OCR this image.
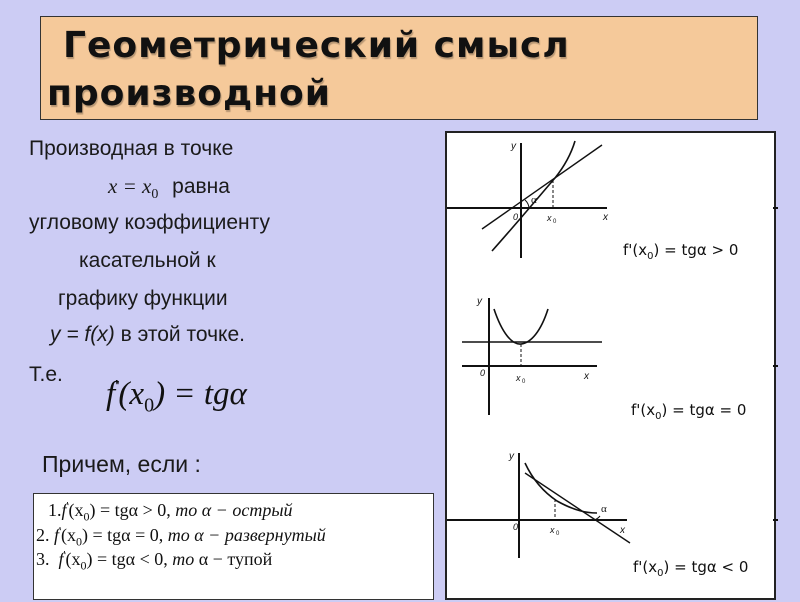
Геометрический смысл
производной
Производная в точке
$x = x_0$ равна
угловому коэффициенту
касательной к
графику функции
y = f(x) в этой точке.
Т.е.
$f'(x_0) = tg\alpha$
Причем, если :
$1.f'(x_0) = tg\alpha > 0$, то α − острый
2. $f'(x_0) = tg\alpha = 0$, то α − развернутый
3. $f'(x_0) = tg\alpha < 0$, то α − тупой
α
0	x 0	x
y
0	x 0	x
y
α
0	x 0	x
y
$f'(x_0) = tg\alpha > 0$
$f'(x_0) = tg\alpha = 0$
$f'(x_0) = tg\alpha < 0$
